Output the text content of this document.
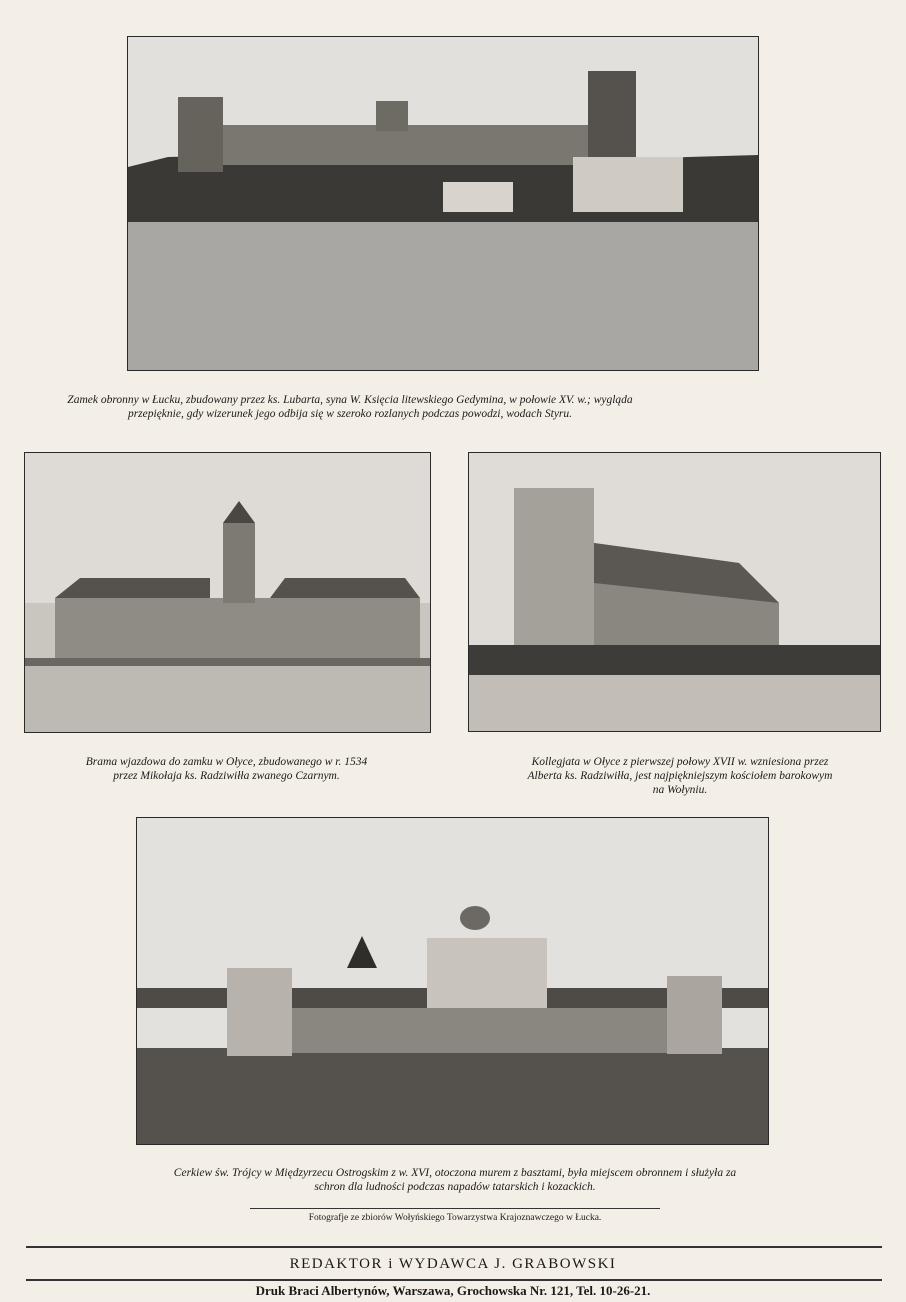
Zamek obronny w Łucku, zbudowany przez ks. Lubarta, syna W. Księcia litewskiego Gedymina, w połowie XV. w.; wygląda
przepięknie, gdy wizerunek jego odbija się w szeroko rozlanych podczas powodzi, wodach Styru.
Brama wjazdowa do zamku w Ołyce, zbudowanego w r. 1534
przez Mikołaja ks. Radziwiłła zwanego Czarnym.
Kollegjata w Ołyce z pierwszej połowy XVII w. wzniesiona przez
Alberta ks. Radziwiłła, jest najpiękniejszym kościołem barokowym
na Wołyniu.
Cerkiew św. Trójcy w Międzyrzecu Ostrogskim z w. XVI, otoczona murem z basztami, była miejscem obronnem i służyła za
schron dla ludności podczas napadów tatarskich i kozackich.
Fotografje ze zbiorów Wołyńskiego Towarzystwa Krajoznawczego w Łucka.
REDAKTOR i WYDAWCA J. GRABOWSKI
Druk Braci Albertynów, Warszawa, Grochowska Nr. 121, Tel. 10-26-21.
